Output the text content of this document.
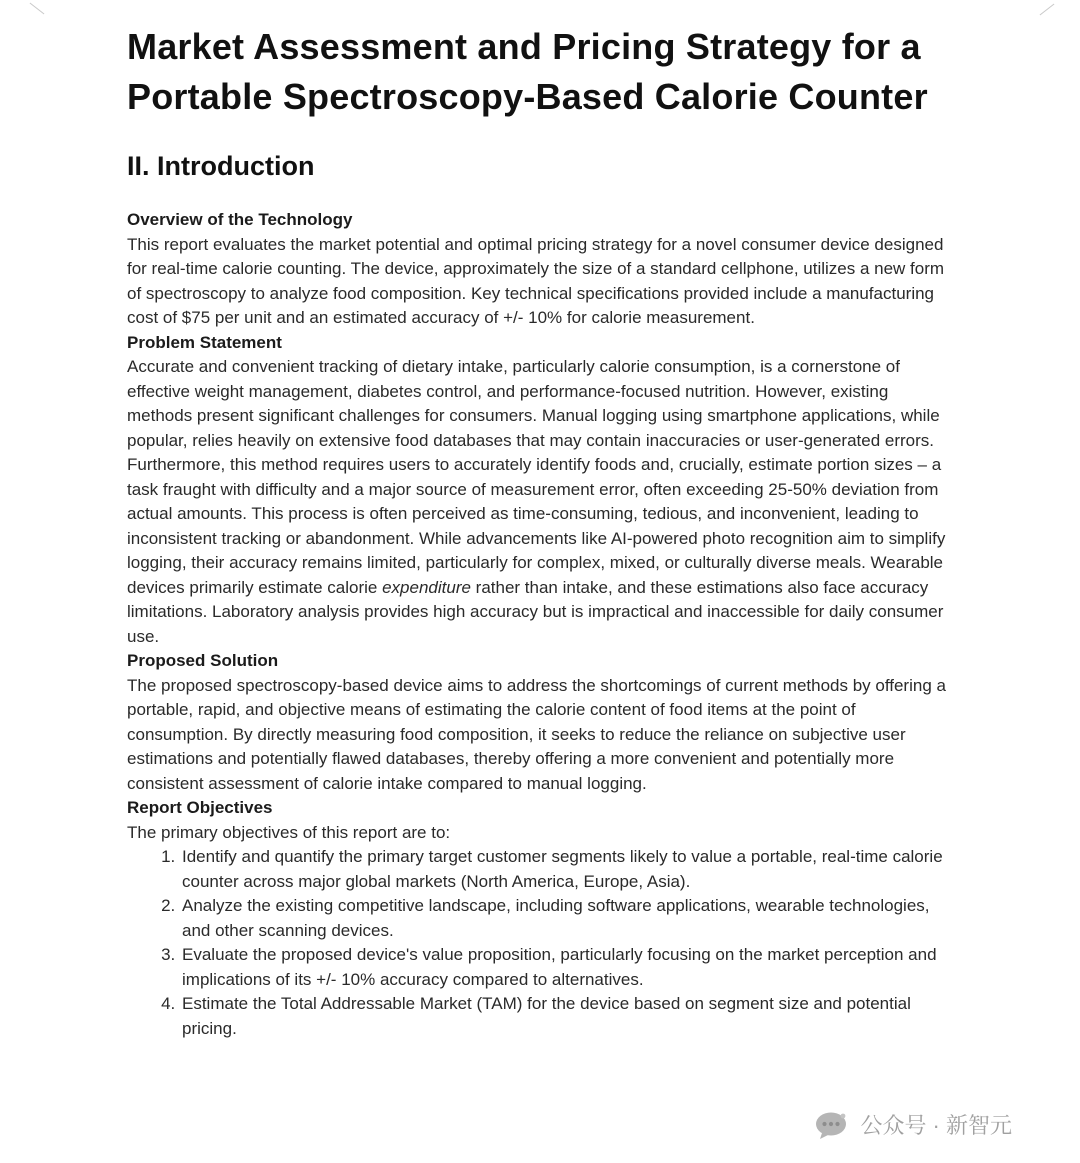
Market Assessment and Pricing Strategy for a Portable Spectroscopy-Based Calorie Counter
II. Introduction
Overview of the Technology

This report evaluates the market potential and optimal pricing strategy for a novel consumer device designed for real-time calorie counting. The device, approximately the size of a standard cellphone, utilizes a new form of spectroscopy to analyze food composition. Key technical specifications provided include a manufacturing cost of $75 per unit and an estimated accuracy of +/- 10% for calorie measurement.

Problem Statement

Accurate and convenient tracking of dietary intake, particularly calorie consumption, is a cornerstone of effective weight management, diabetes control, and performance-focused nutrition. However, existing methods present significant challenges for consumers. Manual logging using smartphone applications, while popular, relies heavily on extensive food databases that may contain inaccuracies or user-generated errors. Furthermore, this method requires users to accurately identify foods and, crucially, estimate portion sizes – a task fraught with difficulty and a major source of measurement error, often exceeding 25-50% deviation from actual amounts. This process is often perceived as time-consuming, tedious, and inconvenient, leading to inconsistent tracking or abandonment. While advancements like AI-powered photo recognition aim to simplify logging, their accuracy remains limited, particularly for complex, mixed, or culturally diverse meals. Wearable devices primarily estimate calorie expenditure rather than intake, and these estimations also face accuracy limitations. Laboratory analysis provides high accuracy but is impractical and inaccessible for daily consumer use.

Proposed Solution

The proposed spectroscopy-based device aims to address the shortcomings of current methods by offering a portable, rapid, and objective means of estimating the calorie content of food items at the point of consumption. By directly measuring food composition, it seeks to reduce the reliance on subjective user estimations and potentially flawed databases, thereby offering a more convenient and potentially more consistent assessment of calorie intake compared to manual logging.

Report Objectives

The primary objectives of this report are to:

1. Identify and quantify the primary target customer segments likely to value a portable, real-time calorie counter across major global markets (North America, Europe, Asia).
2. Analyze the existing competitive landscape, including software applications, wearable technologies, and other scanning devices.
3. Evaluate the proposed device's value proposition, particularly focusing on the market perception and implications of its +/- 10% accuracy compared to alternatives.
4. Estimate the Total Addressable Market (TAM) for the device based on segment size and potential pricing.
公众号 · 新智元
